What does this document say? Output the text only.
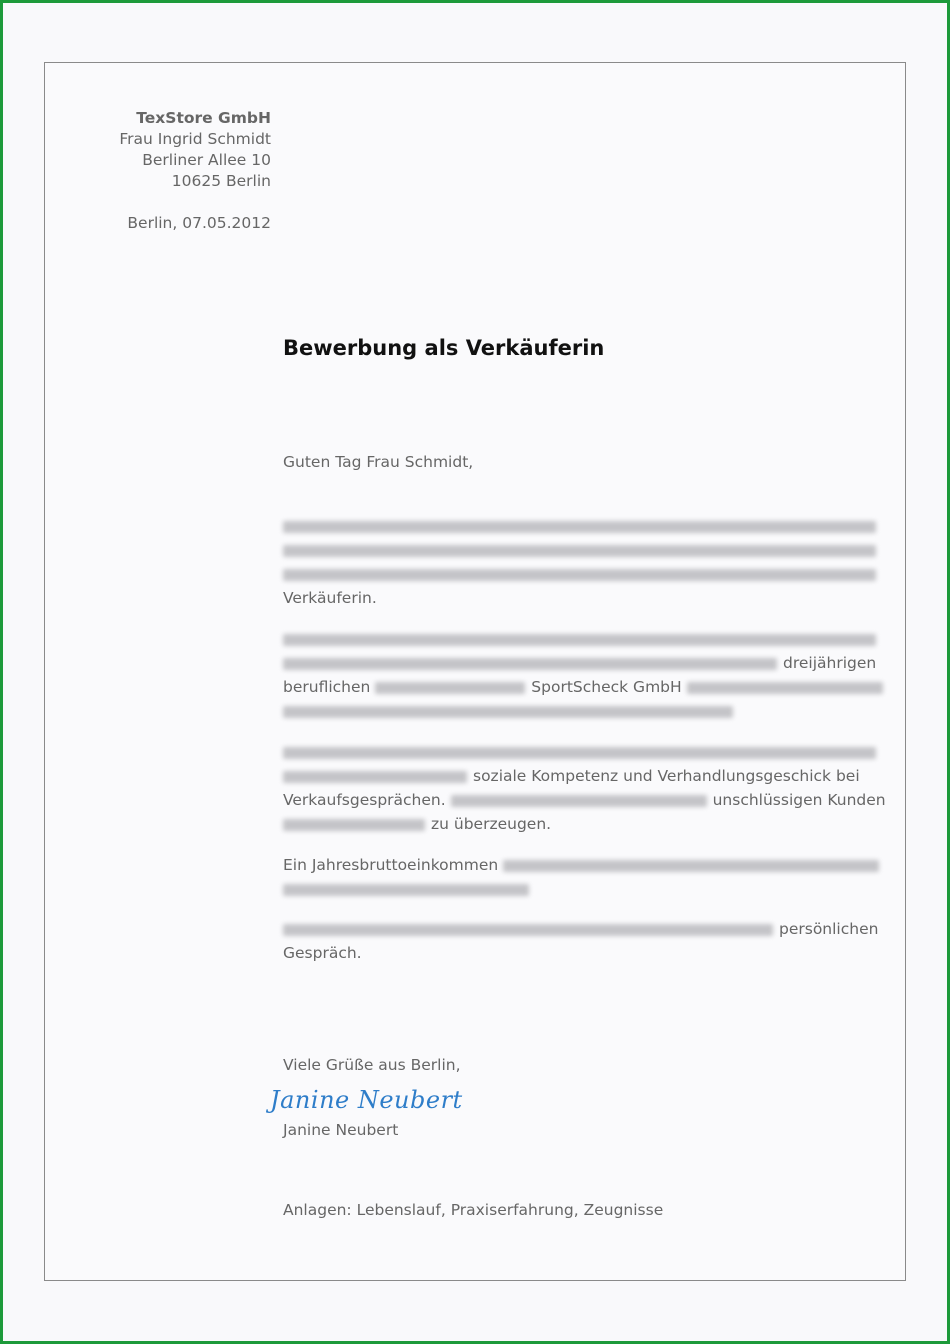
TexStore GmbH
Frau Ingrid Schmidt
Berliner Allee 10
10625 Berlin
Berlin, 07.05.2012
Bewerbung als Verkäuferin
Guten Tag Frau Schmidt,
Verkäuferin.
dreijährigen
beruflichen	SportScheck GmbH
soziale Kompetenz und Verhandlungsgeschick bei
Verkaufsgesprächen.	unschlüssigen Kunden
zu überzeugen.
Ein Jahresbruttoeinkommen
persönlichen
Gespräch.
Viele Grüße aus Berlin,
Janine Neubert
Janine Neubert
Anlagen: Lebenslauf, Praxiserfahrung, Zeugnisse
